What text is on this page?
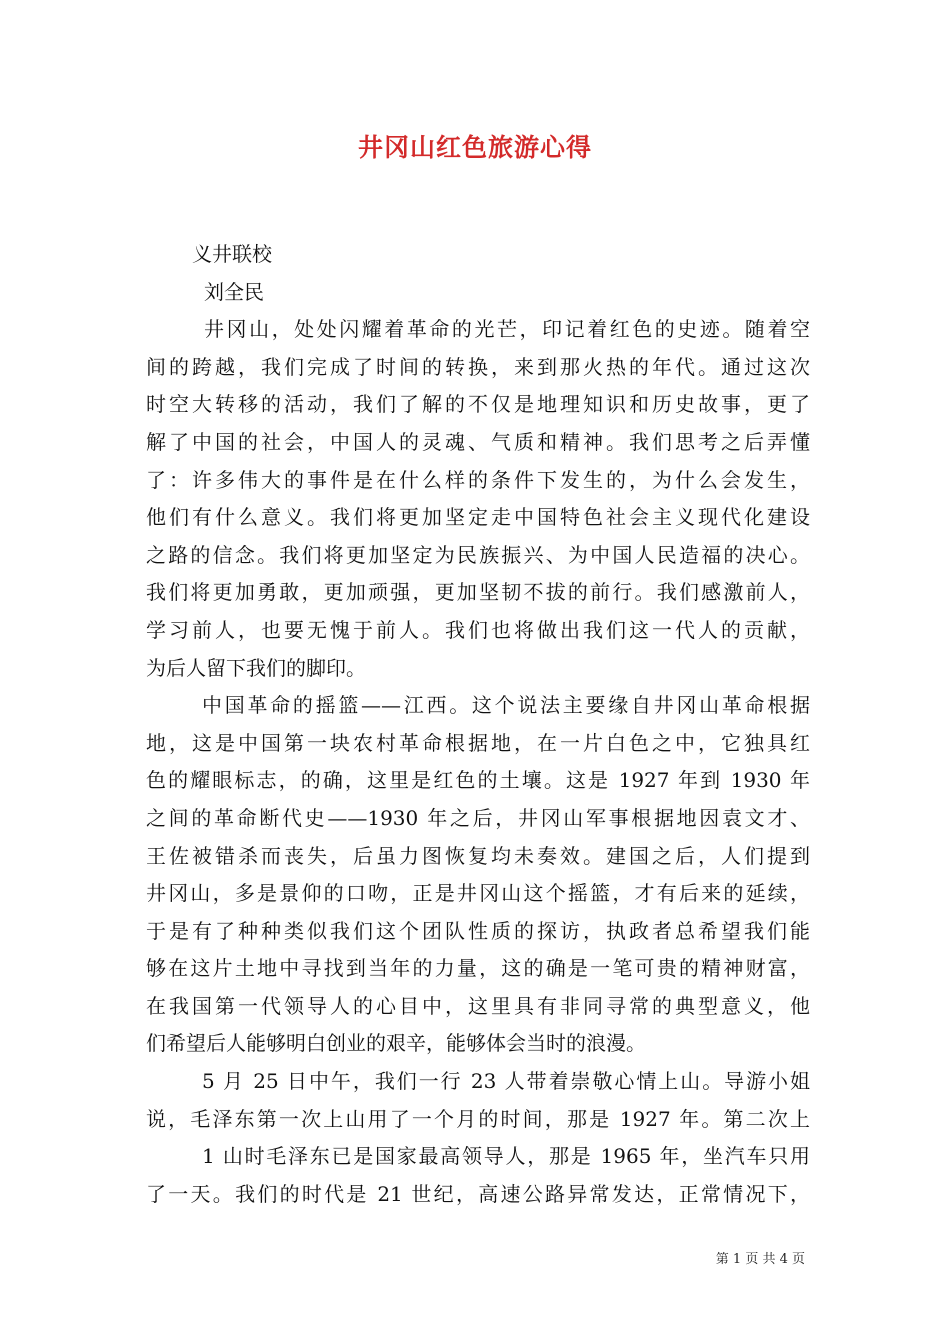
井冈山红色旅游心得
义井联校
刘全民
井冈山，处处闪耀着革命的光芒，印记着红色的史迹。随着空
间的跨越，我们完成了时间的转换，来到那火热的年代。通过这次
时空大转移的活动，我们了解的不仅是地理知识和历史故事，更了
解了中国的社会，中国人的灵魂、气质和精神。我们思考之后弄懂
了：许多伟大的事件是在什么样的条件下发生的，为什么会发生，
他们有什么意义。我们将更加坚定走中国特色社会主义现代化建设
之路的信念。我们将更加坚定为民族振兴、为中国人民造福的决心。
我们将更加勇敢，更加顽强，更加坚韧不拔的前行。我们感激前人，
学习前人，也要无愧于前人。我们也将做出我们这一代人的贡献，
为后人留下我们的脚印。
中国革命的摇篮——江西。这个说法主要缘自井冈山革命根据
地，这是中国第一块农村革命根据地，在一片白色之中，它独具红
色的耀眼标志，的确，这里是红色的土壤。这是 1927 年到 1930 年
之间的革命断代史——1930 年之后，井冈山军事根据地因袁文才、
王佐被错杀而丧失，后虽力图恢复均未奏效。建国之后，人们提到
井冈山，多是景仰的口吻，正是井冈山这个摇篮，才有后来的延续，
于是有了种种类似我们这个团队性质的探访，执政者总希望我们能
够在这片土地中寻找到当年的力量，这的确是一笔可贵的精神财富，
在我国第一代领导人的心目中，这里具有非同寻常的典型意义，他
们希望后人能够明白创业的艰辛，能够体会当时的浪漫。
5 月 25 日中午，我们一行 23 人带着崇敬心情上山。导游小姐
说，毛泽东第一次上山用了一个月的时间，那是 1927 年。第二次上
1 山时毛泽东已是国家最高领导人，那是 1965 年，坐汽车只用
了一天。我们的时代是 21 世纪，高速公路异常发达，正常情况下，
第 1 页 共 4 页
